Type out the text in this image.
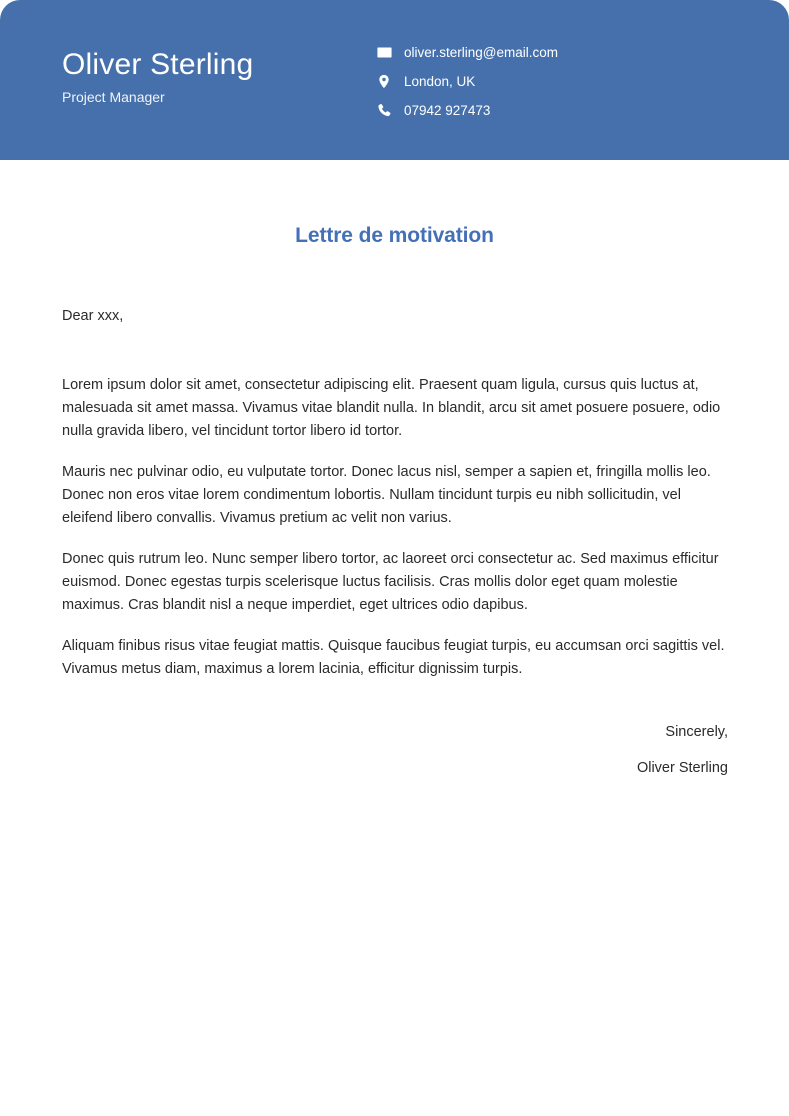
Oliver Sterling
Project Manager
oliver.sterling@email.com
London, UK
07942 927473
Lettre de motivation

Dear xxx,

Lorem ipsum dolor sit amet, consectetur adipiscing elit. Praesent quam ligula, cursus quis luctus at, malesuada sit amet massa. Vivamus vitae blandit nulla. In blandit, arcu sit amet posuere posuere, odio nulla gravida libero, vel tincidunt tortor libero id tortor.

Mauris nec pulvinar odio, eu vulputate tortor. Donec lacus nisl, semper a sapien et, fringilla mollis leo. Donec non eros vitae lorem condimentum lobortis. Nullam tincidunt turpis eu nibh sollicitudin, vel eleifend libero convallis. Vivamus pretium ac velit non varius.

Donec quis rutrum leo. Nunc semper libero tortor, ac laoreet orci consectetur ac. Sed maximus efficitur euismod. Donec egestas turpis scelerisque luctus facilisis. Cras mollis dolor eget quam molestie maximus. Cras blandit nisl a neque imperdiet, eget ultrices odio dapibus.

Aliquam finibus risus vitae feugiat mattis. Quisque faucibus feugiat turpis, eu accumsan orci sagittis vel. Vivamus metus diam, maximus a lorem lacinia, efficitur dignissim turpis.

Sincerely,
Oliver Sterling
